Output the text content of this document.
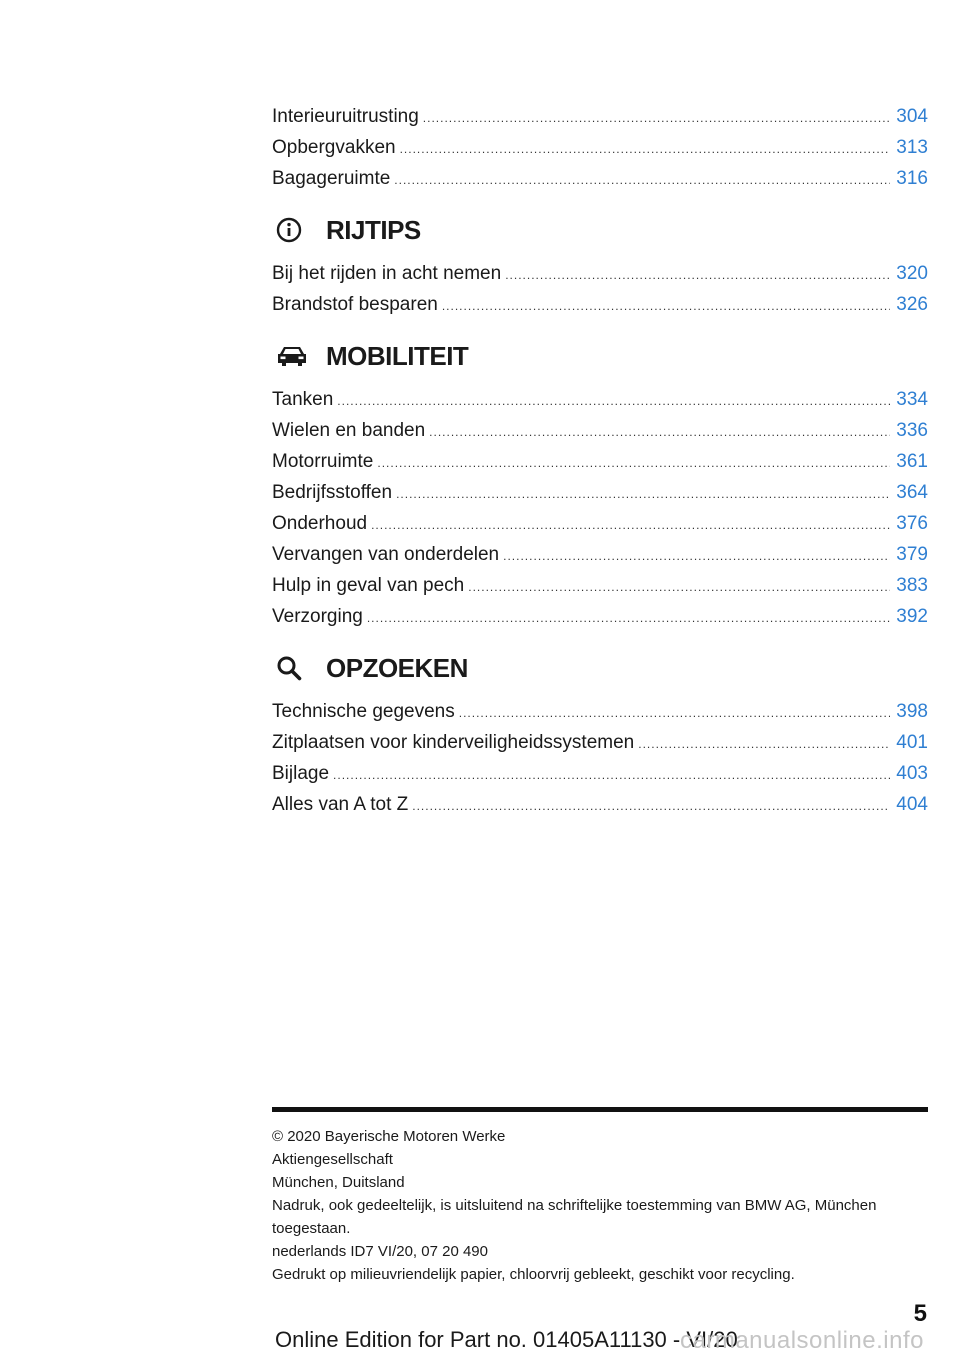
Interieuruitrusting .....	304
Opbergvakken .....	313
Bagageruimte .....	316
RIJTIPS
Bij het rijden in acht nemen .....	320
Brandstof besparen .....	326
MOBILITEIT
Tanken .....	334
Wielen en banden .....	336
Motorruimte .....	361
Bedrijfsstoffen .....	364
Onderhoud .....	376
Vervangen van onderdelen .....	379
Hulp in geval van pech .....	383
Verzorging .....	392
OPZOEKEN
Technische gegevens .....	398
Zitplaatsen voor kinderveiligheidssystemen .....	401
Bijlage .....	403
Alles van A tot Z .....	404
© 2020 Bayerische Motoren Werke
Aktiengesellschaft
München, Duitsland
Nadruk, ook gedeeltelijk, is uitsluitend na schriftelijke toestemming van BMW AG, München toegestaan.
nederlands ID7 VI/20, 07 20 490
Gedrukt op milieuvriendelijk papier, chloorvrij gebleekt, geschikt voor recycling.
5
Online Edition for Part no. 01405A11130 - VI/20
carmanualsonline.info
